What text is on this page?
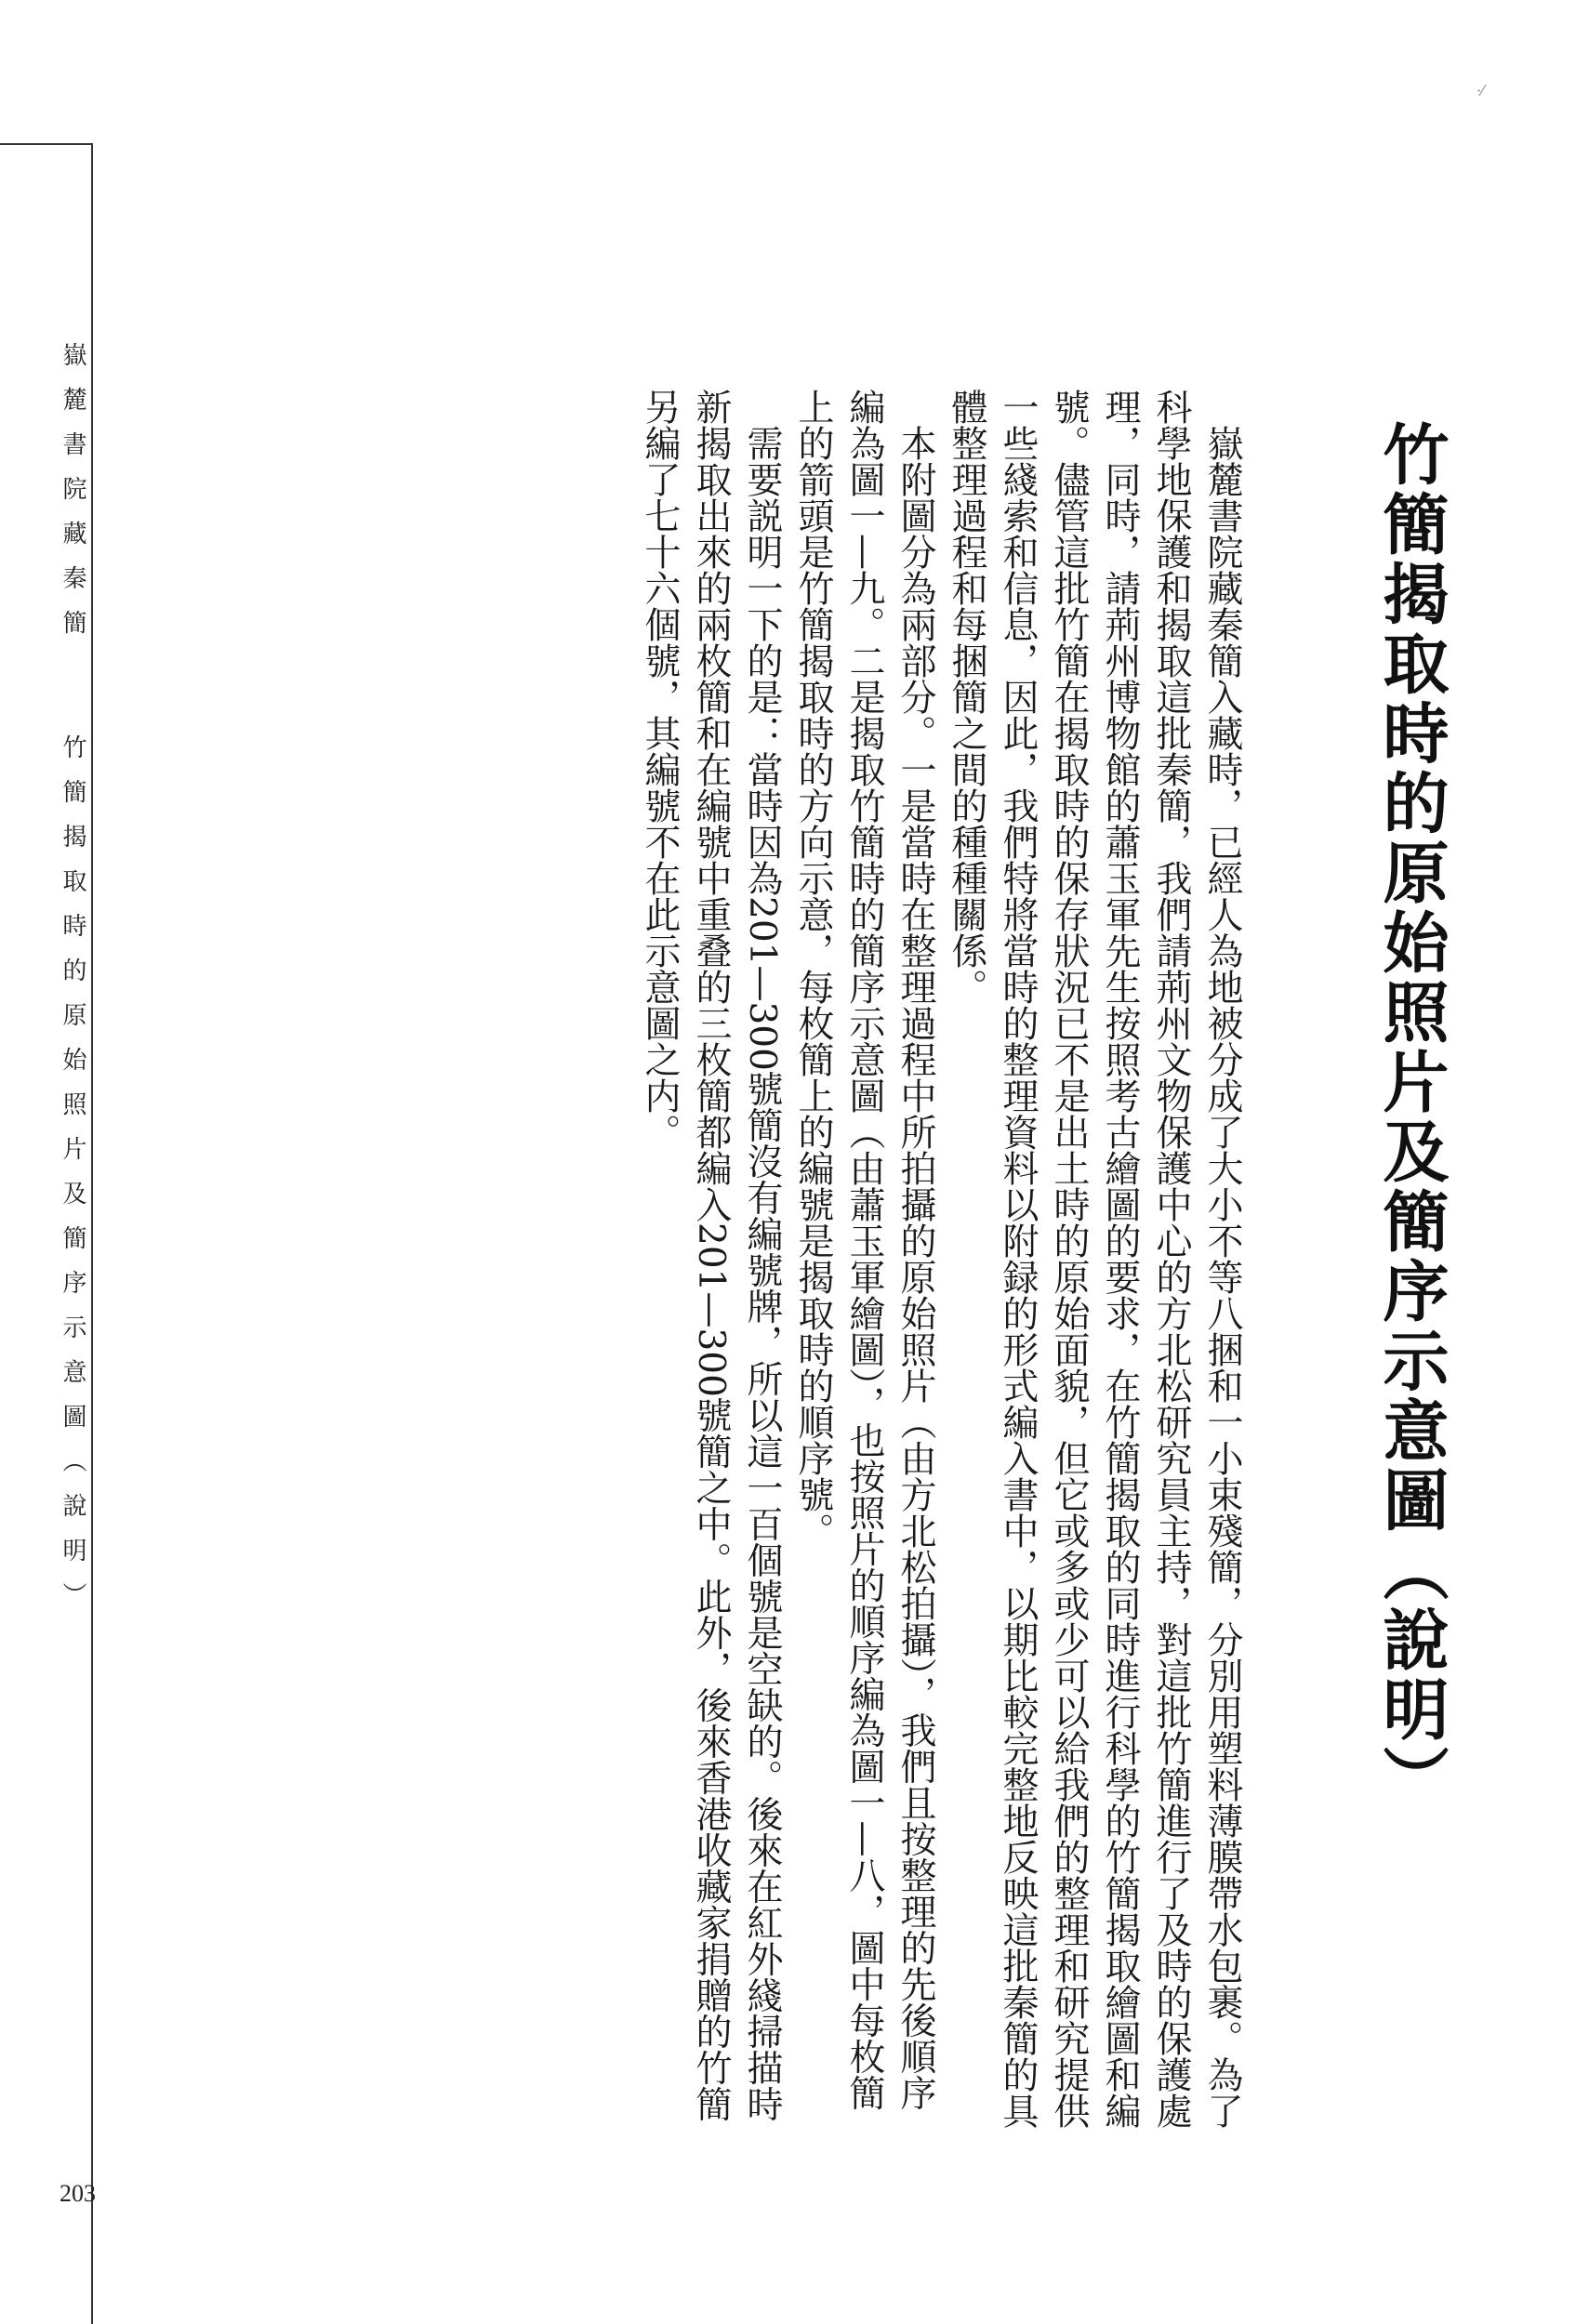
嶽麓書院藏秦簡
竹簡揭取時的原始照片及簡序示意圖（說明）
203
·⁄
竹簡揭取時的原始照片及簡序示意圖（說明）

嶽麓書院藏秦簡入藏時，已經人為地被分成了大小不等八捆和一小束殘簡，分別用塑料薄膜帶水包裹。為了科學地保護和揭取這批秦簡，我們請荊州文物保護中心的方北松研究員主持，對這批竹簡進行了及時的保護處理，同時，請荊州博物館的蕭玉軍先生按照考古繪圖的要求，在竹簡揭取的同時進行科學的竹簡揭取繪圖和編號。儘管這批竹簡在揭取時的保存狀況已不是出土時的原始面貌，但它或多或少可以給我們的整理和研究提供一些綫索和信息，因此，我們特將當時的整理資料以附録的形式編入書中，以期比較完整地反映這批秦簡的具體整理過程和每捆簡之間的種種關係。

本附圖分為兩部分。一是當時在整理過程中所拍攝的原始照片（由方北松拍攝），我們且按整理的先後順序編為圖一—九。二是揭取竹簡時的簡序示意圖（由蕭玉軍繪圖），也按照片的順序編為圖一—八，圖中每枚簡上的箭頭是竹簡揭取時的方向示意，每枚簡上的編號是揭取時的順序號。

需要説明一下的是：當時因為201—300號簡沒有編號牌，所以這一百個號是空缺的。後來在紅外綫掃描時新揭取出來的兩枚簡和在編號中重叠的三枚簡都編入201—300號簡之中。此外，後來香港收藏家捐贈的竹簡另編了七十六個號，其編號不在此示意圖之内。
